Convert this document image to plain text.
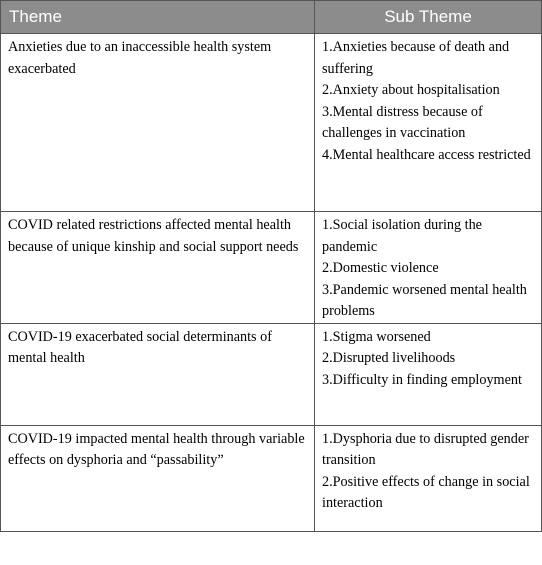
Theme	Sub Theme
Anxieties due to an inaccessible health system exacerbated	1.Anxieties because of death and suffering
2.Anxiety about hospitalisation
3.Mental distress because of challenges in vaccination
4.Mental healthcare access restricted

COVID related restrictions affected mental health because of unique kinship and social support needs	1.Social isolation during the pandemic
2.Domestic violence
3.Pandemic worsened mental health problems

COVID-19 exacerbated social determinants of mental health	1.Stigma worsened
2.Disrupted livelihoods
3.Difficulty in finding employment

COVID-19 impacted mental health through variable effects on dysphoria and “passability”	1.Dysphoria due to disrupted gender transition
2.Positive effects of change in social interaction
